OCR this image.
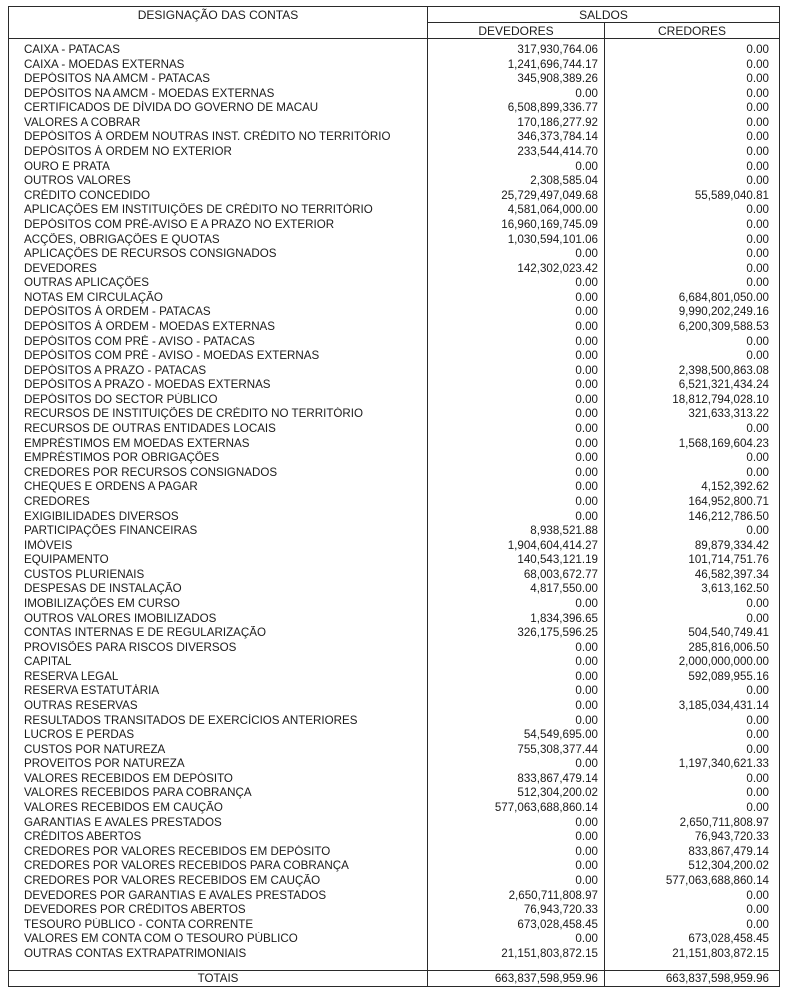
DESIGNAÇÃO DAS CONTAS	SALDOS
DEVEDORES	CREDORES
CAIXA - PATACAS	317,930,764.06	0.00
CAIXA - MOEDAS EXTERNAS	1,241,696,744.17	0.00
DEPÓSITOS NA AMCM - PATACAS	345,908,389.26	0.00
DEPÓSITOS NA AMCM - MOEDAS EXTERNAS	0.00	0.00
CERTIFICADOS DE DÍVIDA DO GOVERNO DE MACAU	6,508,899,336.77	0.00
VALORES A COBRAR	170,186,277.92	0.00
DEPÓSITOS À ORDEM NOUTRAS INST. CRÉDITO NO TERRITÓRIO	346,373,784.14	0.00
DEPÓSITOS À ORDEM NO EXTERIOR	233,544,414.70	0.00
OURO E PRATA	0.00	0.00
OUTROS VALORES	2,308,585.04	0.00
CRÉDITO CONCEDIDO	25,729,497,049.68	55,589,040.81
APLICAÇÕES EM INSTITUIÇÕES DE CRÉDITO NO TERRITÓRIO	4,581,064,000.00	0.00
DEPÓSITOS COM PRÉ-AVISO E A PRAZO NO EXTERIOR	16,960,169,745.09	0.00
ACÇÕES, OBRIGAÇÕES E QUOTAS	1,030,594,101.06	0.00
APLICAÇÕES DE RECURSOS CONSIGNADOS	0.00	0.00
DEVEDORES	142,302,023.42	0.00
OUTRAS APLICAÇÕES	0.00	0.00
NOTAS EM CIRCULAÇÃO	0.00	6,684,801,050.00
DEPÓSITOS À ORDEM - PATACAS	0.00	9,990,202,249.16
DEPÓSITOS À ORDEM - MOEDAS EXTERNAS	0.00	6,200,309,588.53
DEPÓSITOS COM PRÉ - AVISO - PATACAS	0.00	0.00
DEPÓSITOS COM PRÉ - AVISO - MOEDAS EXTERNAS	0.00	0.00
DEPÓSITOS A PRAZO - PATACAS	0.00	2,398,500,863.08
DEPÓSITOS A PRAZO - MOEDAS EXTERNAS	0.00	6,521,321,434.24
DEPÓSITOS DO SECTOR PÚBLICO	0.00	18,812,794,028.10
RECURSOS DE INSTITUIÇÕES DE CRÉDITO NO TERRITÓRIO	0.00	321,633,313.22
RECURSOS DE OUTRAS ENTIDADES LOCAIS	0.00	0.00
EMPRÉSTIMOS EM MOEDAS EXTERNAS	0.00	1,568,169,604.23
EMPRÉSTIMOS POR OBRIGAÇÕES	0.00	0.00
CREDORES POR RECURSOS CONSIGNADOS	0.00	0.00
CHEQUES E ORDENS A PAGAR	0.00	4,152,392.62
CREDORES	0.00	164,952,800.71
EXIGIBILIDADES DIVERSOS	0.00	146,212,786.50
PARTICIPAÇÕES FINANCEIRAS	8,938,521.88	0.00
IMÓVEIS	1,904,604,414.27	89,879,334.42
EQUIPAMENTO	140,543,121.19	101,714,751.76
CUSTOS PLURIENAIS	68,003,672.77	46,582,397.34
DESPESAS DE INSTALAÇÃO	4,817,550.00	3,613,162.50
IMOBILIZAÇÕES EM CURSO	0.00	0.00
OUTROS VALORES IMOBILIZADOS	1,834,396.65	0.00
CONTAS INTERNAS E DE REGULARIZAÇÃO	326,175,596.25	504,540,749.41
PROVISÕES PARA RISCOS DIVERSOS	0.00	285,816,006.50
CAPITAL	0.00	2,000,000,000.00
RESERVA LEGAL	0.00	592,089,955.16
RESERVA ESTATUTÁRIA	0.00	0.00
OUTRAS RESERVAS	0.00	3,185,034,431.14
RESULTADOS TRANSITADOS DE EXERCÍCIOS ANTERIORES	0.00	0.00
LUCROS E PERDAS	54,549,695.00	0.00
CUSTOS POR NATUREZA	755,308,377.44	0.00
PROVEITOS POR NATUREZA	0.00	1,197,340,621.33
VALORES RECEBIDOS EM DEPÓSITO	833,867,479.14	0.00
VALORES RECEBIDOS PARA COBRANÇA	512,304,200.02	0.00
VALORES RECEBIDOS EM CAUÇÃO	577,063,688,860.14	0.00
GARANTIAS E AVALES PRESTADOS	0.00	2,650,711,808.97
CRÉDITOS ABERTOS	0.00	76,943,720.33
CREDORES POR VALORES RECEBIDOS EM DEPÓSITO	0.00	833,867,479.14
CREDORES POR VALORES RECEBIDOS PARA COBRANÇA	0.00	512,304,200.02
CREDORES POR VALORES RECEBIDOS EM CAUÇÃO	0.00	577,063,688,860.14
DEVEDORES POR GARANTIAS E AVALES PRESTADOS	2,650,711,808.97	0.00
DEVEDORES POR CRÉDITOS ABERTOS	76,943,720.33	0.00
TESOURO PÚBLICO - CONTA CORRENTE	673,028,458.45	0.00
VALORES EM CONTA COM O TESOURO PÚBLICO	0.00	673,028,458.45
OUTRAS CONTAS EXTRAPATRIMONIAIS	21,151,803,872.15	21,151,803,872.15
TOTAIS	663,837,598,959.96	663,837,598,959.96
